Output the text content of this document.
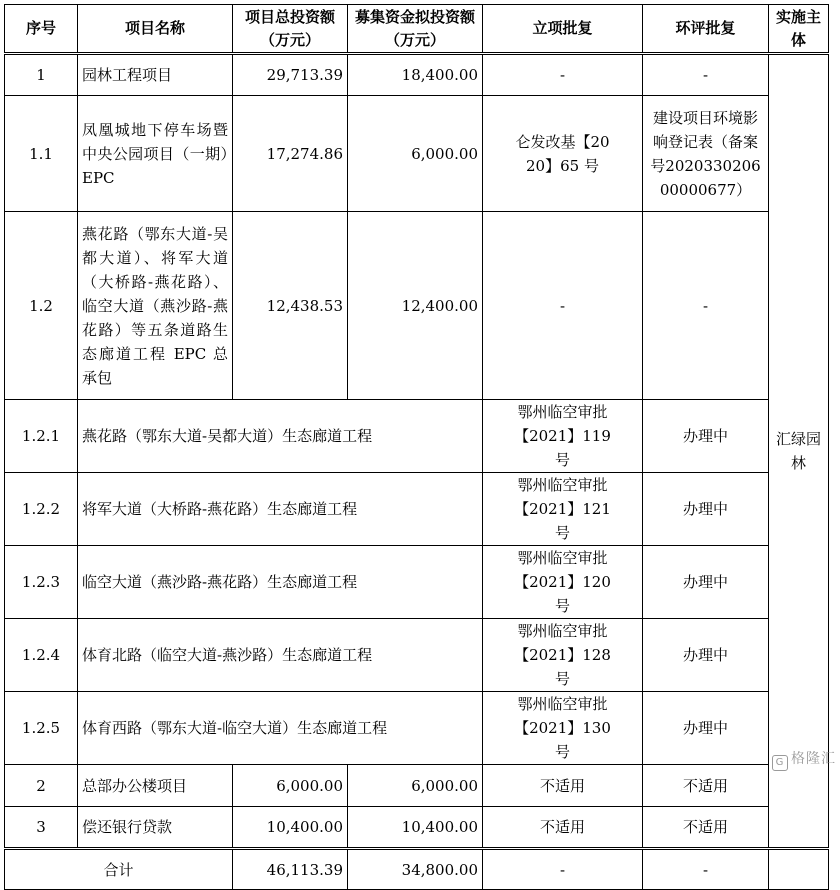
序号	项目名称	项目总投资额（万元）	募集资金拟投资额（万元）	立项批复	环评批复	实施主体
1	园林工程项目	29,713.39	18,400.00	-	-	汇绿园林
1.1	凤凰城地下停车场暨中央公园项目（一期）EPC	17,274.86	6,000.00	仑发改基【2020】65 号	建设项目环境影响登记表（备案号202033020600000677）	
1.2	燕花路（鄂东大道-吴都大道）、将军大道（大桥路-燕花路）、临空大道（燕沙路-燕花路）等五条道路生态廊道工程 EPC 总承包	12,438.53	12,400.00	-	-	
1.2.1	燕花路（鄂东大道-吴都大道）生态廊道工程			鄂州临空审批【2021】119 号	办理中	
1.2.2	将军大道（大桥路-燕花路）生态廊道工程			鄂州临空审批【2021】121 号	办理中	
1.2.3	临空大道（燕沙路-燕花路）生态廊道工程			鄂州临空审批【2021】120 号	办理中	
1.2.4	体育北路（临空大道-燕沙路）生态廊道工程			鄂州临空审批【2021】128 号	办理中	
1.2.5	体育西路（鄂东大道-临空大道）生态廊道工程			鄂州临空审批【2021】130 号	办理中	
2	总部办公楼项目	6,000.00	6,000.00	不适用	不适用	
3	偿还银行贷款	10,400.00	10,400.00	不适用	不适用	
合计		46,113.39	34,800.00	-	-	
G 格隆汇
